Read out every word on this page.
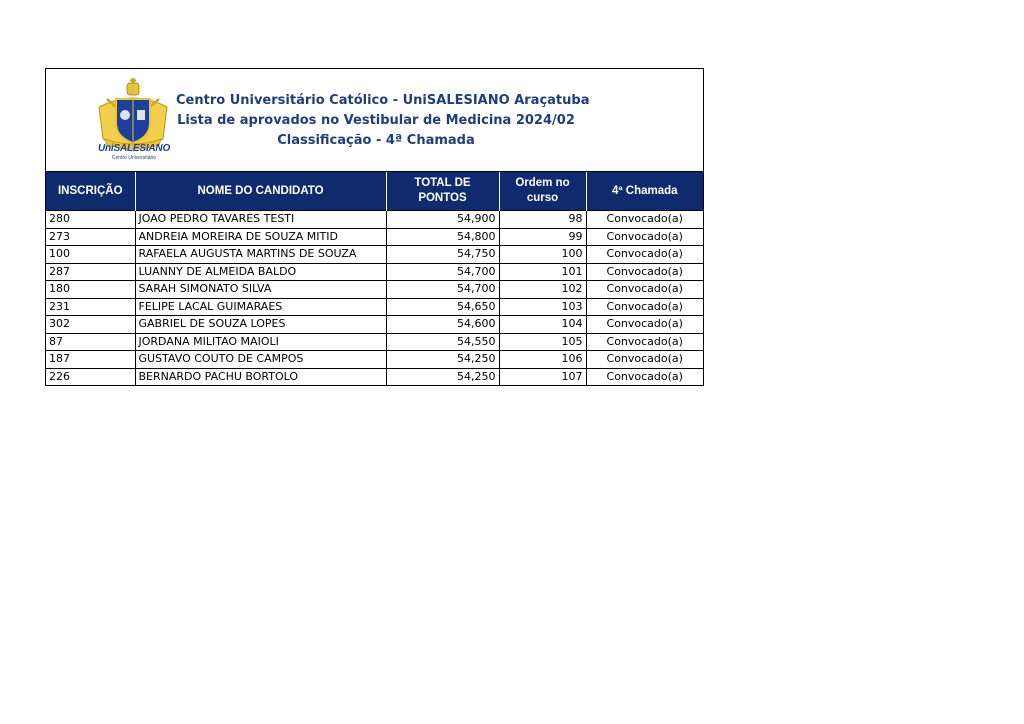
UniSALESIANO
Centro Universitário
Centro Universitário Católico - UniSALESIANO Araçatuba
Lista de aprovados no Vestibular de Medicina 2024/02
Classificação - 4ª Chamada
INSCRIÇÃO	NOME DO CANDIDATO	TOTAL DE PONTOS	Ordem no curso	4ª Chamada
280	JOAO PEDRO TAVARES TESTI	54,900	98	Convocado(a)
273	ANDREIA MOREIRA DE SOUZA MITID	54,800	99	Convocado(a)
100	RAFAELA AUGUSTA MARTINS DE SOUZA	54,750	100	Convocado(a)
287	LUANNY DE ALMEIDA BALDO	54,700	101	Convocado(a)
180	SARAH SIMONATO SILVA	54,700	102	Convocado(a)
231	FELIPE LACAL GUIMARAES	54,650	103	Convocado(a)
302	GABRIEL DE SOUZA LOPES	54,600	104	Convocado(a)
87	JORDANA MILITAO MAIOLI	54,550	105	Convocado(a)
187	GUSTAVO COUTO DE CAMPOS	54,250	106	Convocado(a)
226	BERNARDO PACHU BORTOLO	54,250	107	Convocado(a)
